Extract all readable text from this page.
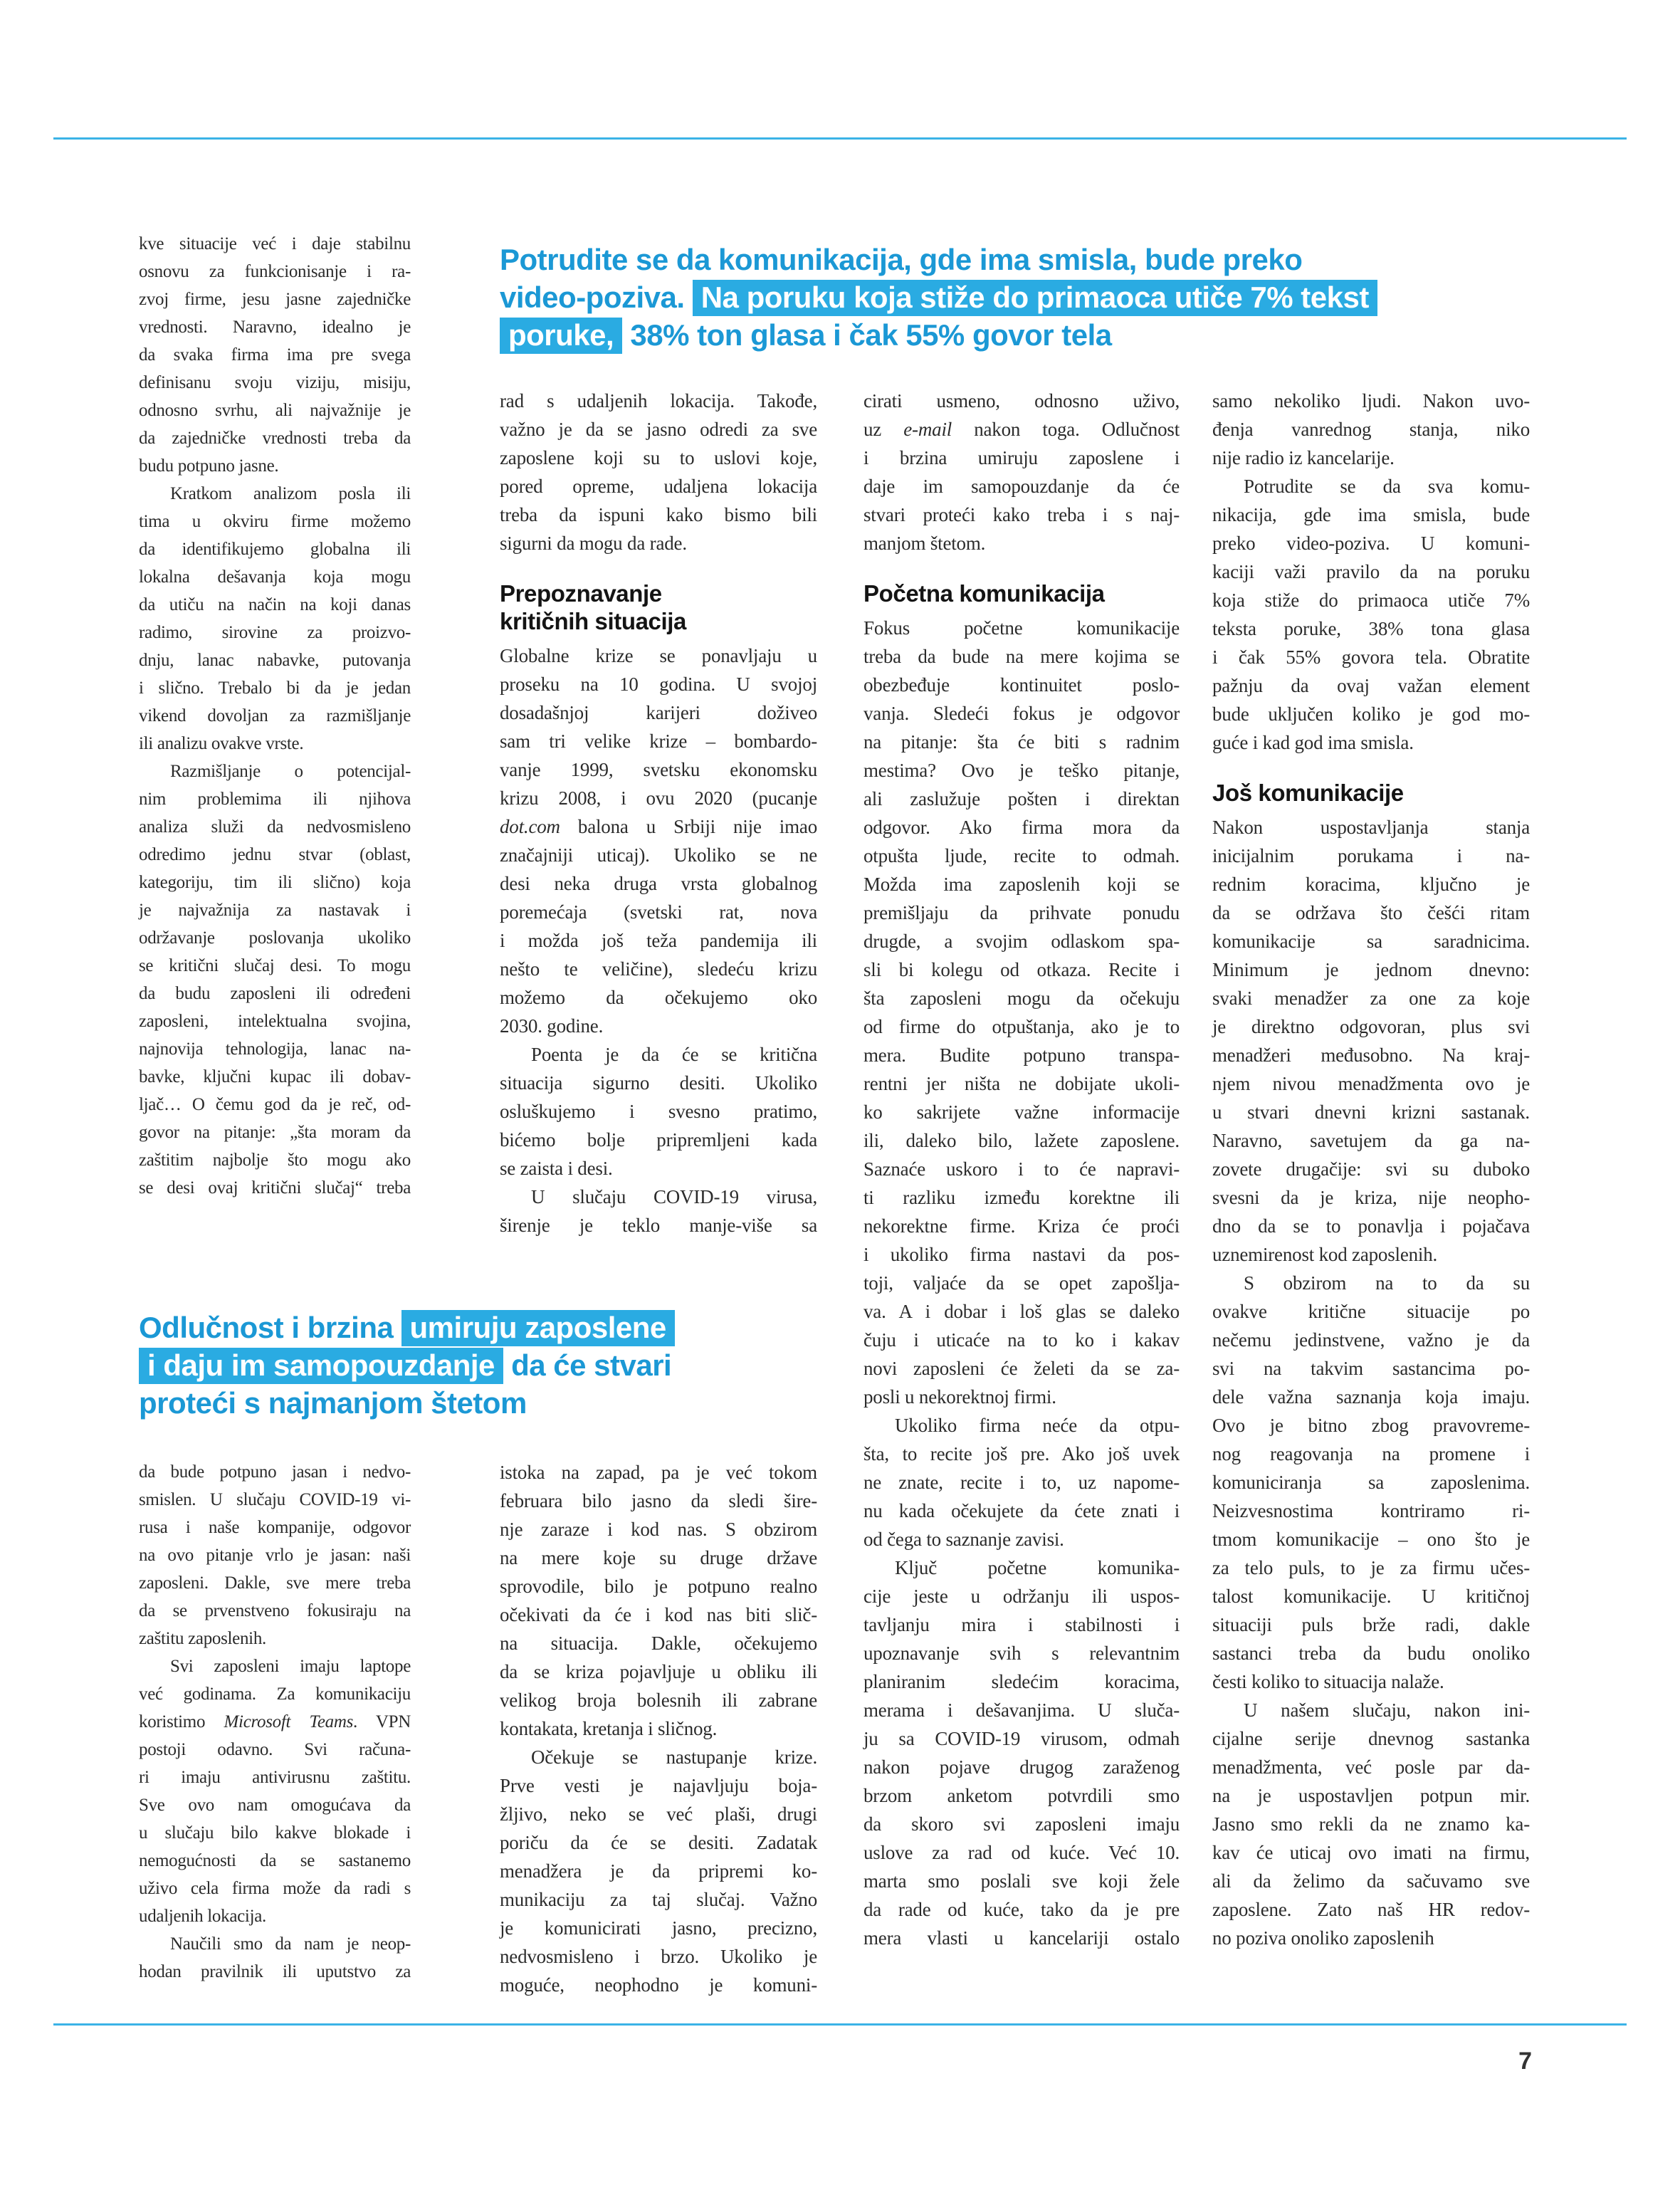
Potrudite se da komunikacija, gde ima smisla, bude preko
video-poziva. Na poruku koja stiže do primaoca utiče 7% tekst
poruke, 38% ton glasa i čak 55% govor tela
Odlučnost i brzina umiruju zaposlene
i daju im samopouzdanje da će stvari
proteći s najmanjom štetom
kve situacije već i daje stabilnu
osnovu za funkcionisanje i ra-
zvoj firme, jesu jasne zajedničke
vrednosti. Naravno, idealno je
da svaka firma ima pre svega
definisanu svoju viziju, misiju,
odnosno svrhu, ali najvažnije je
da zajedničke vrednosti treba da
budu potpuno jasne.
Kratkom analizom posla ili
tima u okviru firme možemo
da identifikujemo globalna ili
lokalna dešavanja koja mogu
da utiču na način na koji danas
radimo, sirovine za proizvo-
dnju, lanac nabavke, putovanja
i slično. Trebalo bi da je jedan
vikend dovoljan za razmišljanje
ili analizu ovakve vrste.
Razmišljanje o potencijal-
nim problemima ili njihova
analiza služi da nedvosmisleno
odredimo jednu stvar (oblast,
kategoriju, tim ili slično) koja
je najvažnija za nastavak i
održavanje poslovanja ukoliko
se kritični slučaj desi. To mogu
da budu zaposleni ili određeni
zaposleni, intelektualna svojina,
najnovija tehnologija, lanac na-
bavke, ključni kupac ili dobav-
ljač… O čemu god da je reč, od-
govor na pitanje: „šta moram da
zaštitim najbolje što mogu ako
se desi ovaj kritični slučaj“ treba
da bude potpuno jasan i nedvo-
smislen. U slučaju COVID-19 vi-
rusa i naše kompanije, odgovor
na ovo pitanje vrlo je jasan: naši
zaposleni. Dakle, sve mere treba
da se prvenstveno fokusiraju na
zaštitu zaposlenih.
Svi zaposleni imaju laptope
već godinama. Za komunikaciju
koristimo Microsoft Teams. VPN
postoji odavno. Svi računa-
ri imaju antivirusnu zaštitu.
Sve ovo nam omogućava da
u slučaju bilo kakve blokade i
nemogućnosti da se sastanemo
uživo cela firma može da radi s
udaljenih lokacija.
Naučili smo da nam je neop-
hodan pravilnik ili uputstvo za
rad s udaljenih lokacija. Takođe,
važno je da se jasno odredi za sve
zaposlene koji su to uslovi koje,
pored opreme, udaljena lokacija
treba da ispuni kako bismo bili
sigurni da mogu da rade.
Prepoznavanje
kritičnih situacija
Globalne krize se ponavljaju u
proseku na 10 godina. U svojoj
dosadašnjoj karijeri doživeo
sam tri velike krize – bombardo-
vanje 1999, svetsku ekonomsku
krizu 2008, i ovu 2020 (pucanje
dot.com balona u Srbiji nije imao
značajniji uticaj). Ukoliko se ne
desi neka druga vrsta globalnog
poremećaja (svetski rat, nova
i možda još teža pandemija ili
nešto te veličine), sledeću krizu
možemo da očekujemo oko
2030. godine.
Poenta je da će se kritična
situacija sigurno desiti. Ukoliko
osluškujemo i svesno pratimo,
bićemo bolje pripremljeni kada
se zaista i desi.
U slučaju COVID-19 virusa,
širenje je teklo manje-više sa
istoka na zapad, pa je već tokom
februara bilo jasno da sledi šire-
nje zaraze i kod nas. S obzirom
na mere koje su druge države
sprovodile, bilo je potpuno realno
očekivati da će i kod nas biti slič-
na situacija. Dakle, očekujemo
da se kriza pojavljuje u obliku ili
velikog broja bolesnih ili zabrane
kontakata, kretanja i sličnog.
Očekuje se nastupanje krize.
Prve vesti je najavljuju boja-
žljivo, neko se već plaši, drugi
poriču da će se desiti. Zadatak
menadžera je da pripremi ko-
munikaciju za taj slučaj. Važno
je komunicirati jasno, precizno,
nedvosmisleno i brzo. Ukoliko je
moguće, neophodno je komuni-
cirati usmeno, odnosno uživo,
uz e-mail nakon toga. Odlučnost
i brzina umiruju zaposlene i
daje im samopouzdanje da će
stvari proteći kako treba i s naj-
manjom štetom.
Početna komunikacija
Fokus početne komunikacije
treba da bude na mere kojima se
obezbeđuje kontinuitet poslo-
vanja. Sledeći fokus je odgovor
na pitanje: šta će biti s radnim
mestima? Ovo je teško pitanje,
ali zaslužuje pošten i direktan
odgovor. Ako firma mora da
otpušta ljude, recite to odmah.
Možda ima zaposlenih koji se
premišljaju da prihvate ponudu
drugde, a svojim odlaskom spa-
sli bi kolegu od otkaza. Recite i
šta zaposleni mogu da očekuju
od firme do otpuštanja, ako je to
mera. Budite potpuno transpa-
rentni jer ništa ne dobijate ukoli-
ko sakrijete važne informacije
ili, daleko bilo, lažete zaposlene.
Saznaće uskoro i to će napravi-
ti razliku između korektne ili
nekorektne firme. Kriza će proći
i ukoliko firma nastavi da pos-
toji, valjaće da se opet zapošlja-
va. A i dobar i loš glas se daleko
čuju i uticaće na to ko i kakav
novi zaposleni će želeti da se za-
posli u nekorektnoj firmi.
Ukoliko firma neće da otpu-
šta, to recite još pre. Ako još uvek
ne znate, recite i to, uz napome-
nu kada očekujete da ćete znati i
od čega to saznanje zavisi.
Ključ početne komunika-
cije jeste u održanju ili uspos-
tavljanju mira i stabilnosti i
upoznavanje svih s relevantnim
planiranim sledećim koracima,
merama i dešavanjima. U sluča-
ju sa COVID-19 virusom, odmah
nakon pojave drugog zaraženog
brzom anketom potvrdili smo
da skoro svi zaposleni imaju
uslove za rad od kuće. Već 10.
marta smo poslali sve koji žele
da rade od kuće, tako da je pre
mera vlasti u kancelariji ostalo
samo nekoliko ljudi. Nakon uvo-
đenja vanrednog stanja, niko
nije radio iz kancelarije.
Potrudite se da sva komu-
nikacija, gde ima smisla, bude
preko video-poziva. U komuni-
kaciji važi pravilo da na poruku
koja stiže do primaoca utiče 7%
teksta poruke, 38% tona glasa
i čak 55% govora tela. Obratite
pažnju da ovaj važan element
bude uključen koliko je god mo-
guće i kad god ima smisla.
Još komunikacije
Nakon uspostavljanja stanja
inicijalnim porukama i na-
rednim koracima, ključno je
da se održava što češći ritam
komunikacije sa saradnicima.
Minimum je jednom dnevno:
svaki menadžer za one za koje
je direktno odgovoran, plus svi
menadžeri međusobno. Na kraj-
njem nivou menadžmenta ovo je
u stvari dnevni krizni sastanak.
Naravno, savetujem da ga na-
zovete drugačije: svi su duboko
svesni da je kriza, nije neopho-
dno da se to ponavlja i pojačava
uznemirenost kod zaposlenih.
S obzirom na to da su
ovakve kritične situacije po
nečemu jedinstvene, važno je da
svi na takvim sastancima po-
dele važna saznanja koja imaju.
Ovo je bitno zbog pravovreme-
nog reagovanja na promene i
komuniciranja sa zaposlenima.
Neizvesnostima kontriramo ri-
tmom komunikacije – ono što je
za telo puls, to je za firmu učes-
talost komunikacije. U kritičnoj
situaciji puls brže radi, dakle
sastanci treba da budu onoliko
česti koliko to situacija nalaže.
U našem slučaju, nakon ini-
cijalne serije dnevnog sastanka
menadžmenta, već posle par da-
na je uspostavljen potpun mir.
Jasno smo rekli da ne znamo ka-
kav će uticaj ovo imati na firmu,
ali da želimo da sačuvamo sve
zaposlene. Zato naš HR redov-
no poziva onoliko zaposlenih
7
